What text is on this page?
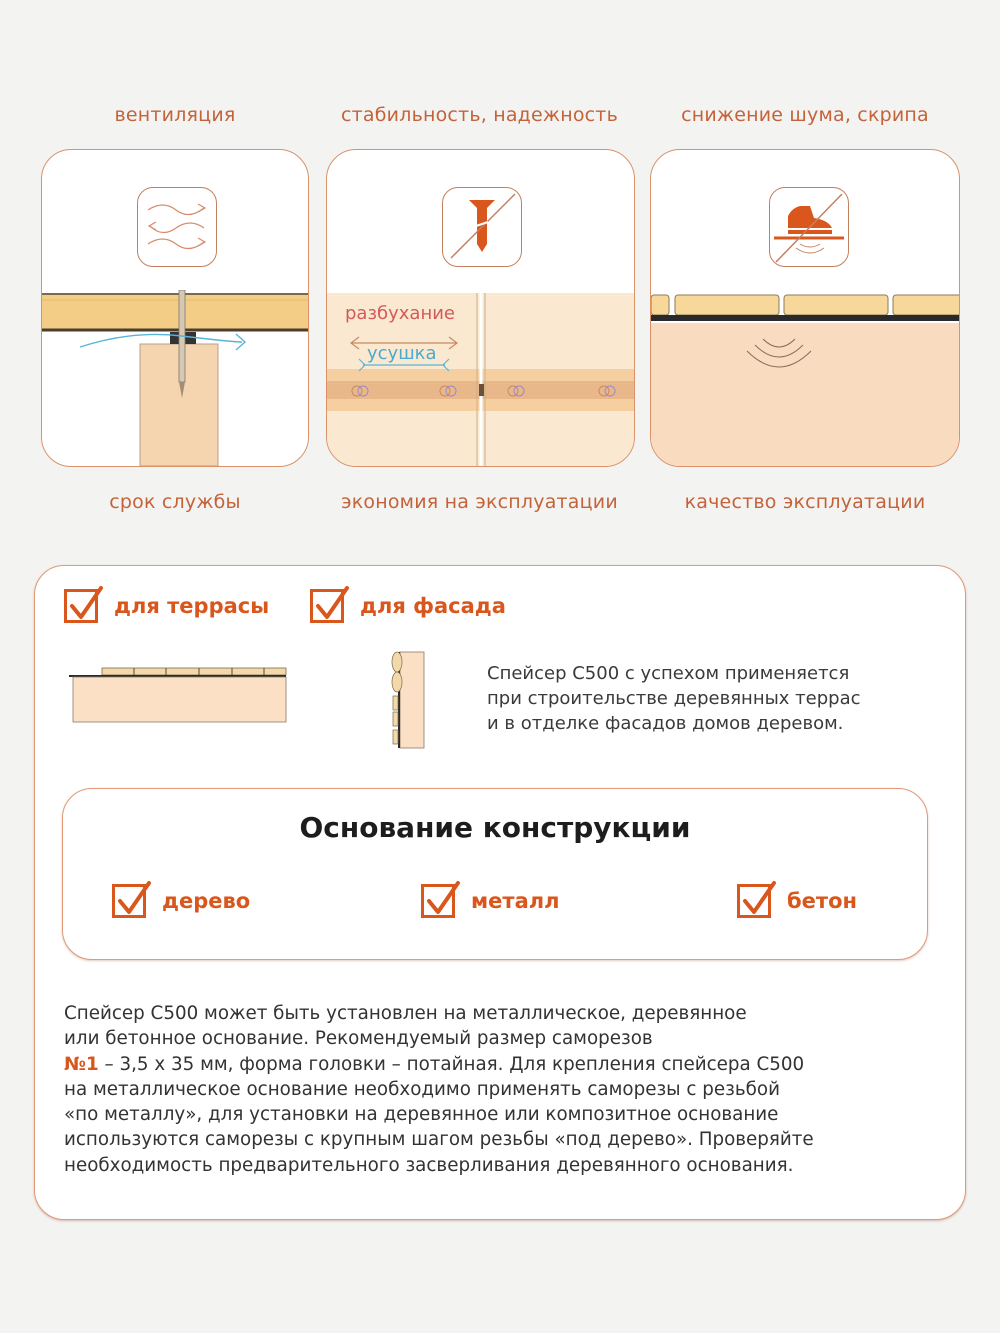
вентиляция	стабильность, надежность	снижение шума, скрипа
разбухание
усушка
срок службы	экономия на эксплуатации	качество эксплуатации
для террасы	для фасада
Спейсер С500 с успехом применяется
при строительстве деревянных террас
и в отделке фасадов домов деревом.
Основание конструкции
дерево	металл	бетон
Спейсер С500 может быть установлен на металлическое, деревянное
или бетонное основание. Рекомендуемый размер саморезов
№1 – 3,5 х 35 мм, форма головки – потайная. Для крепления спейсера С500
на металлическое основание необходимо применять саморезы с резьбой
«по металлу», для установки на деревянное или композитное основание
используются саморезы с крупным шагом резьбы «под дерево». Проверяйте
необходимость предварительного засверливания деревянного основания.
